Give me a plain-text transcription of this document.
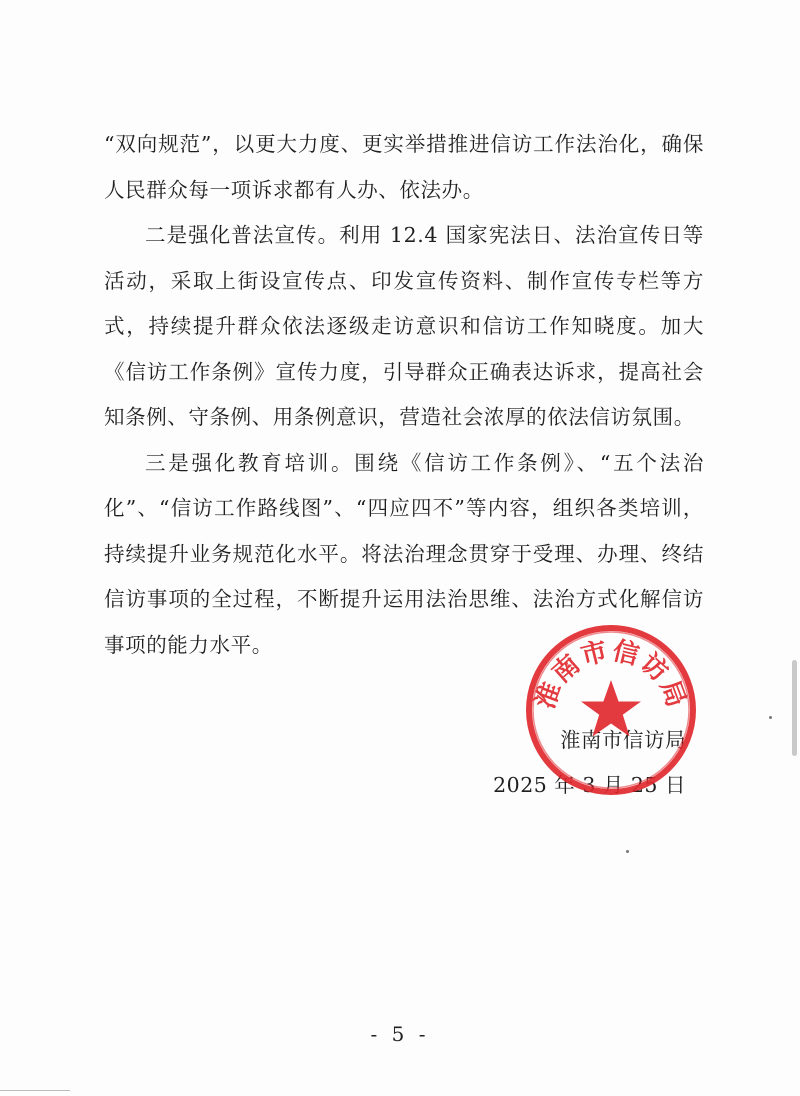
“双向规范”，以更大力度、更实举措推进信访工作法治化，确保人民群众每一项诉求都有人办、依法办。

二是强化普法宣传。利用 12.4 国家宪法日、法治宣传日等活动，采取上街设宣传点、印发宣传资料、制作宣传专栏等方式，持续提升群众依法逐级走访意识和信访工作知晓度。加大《信访工作条例》宣传力度，引导群众正确表达诉求，提高社会知条例、守条例、用条例意识，营造社会浓厚的依法信访氛围。

三是强化教育培训。围绕《信访工作条例》、“五个法治化”、“信访工作路线图”、“四应四不”等内容，组织各类培训，持续提升业务规范化水平。将法治理念贯穿于受理、办理、终结信访事项的全过程，不断提升运用法治思维、法治方式化解信访事项的能力水平。

淮南市信访局
2025 年 3 月 25 日
淮南市信访局
- 5 -
